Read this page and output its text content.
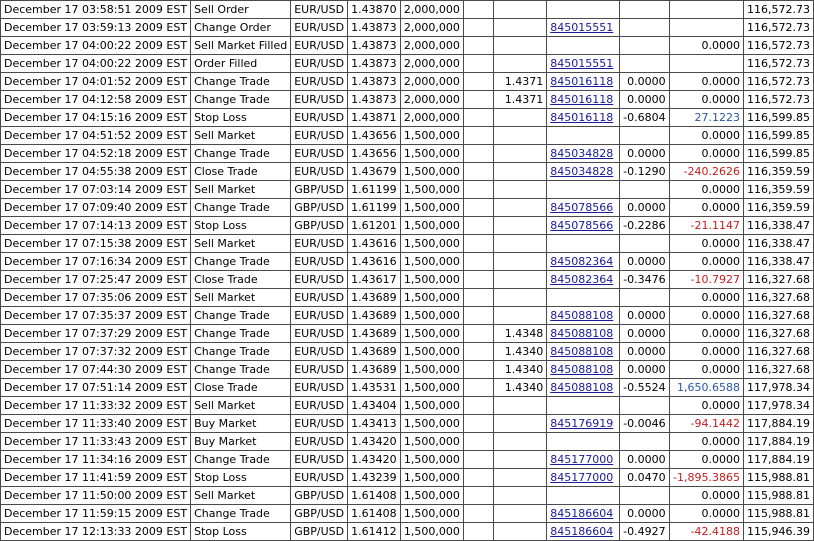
December 17 03:58:51 2009 EST	Sell Order	EUR/USD	1.43870	2,000,000						116,572.73
December 17 03:59:13 2009 EST	Change Order	EUR/USD	1.43873	2,000,000			845015551			116,572.73
December 17 04:00:22 2009 EST	Sell Market Filled	EUR/USD	1.43873	2,000,000					0.0000	116,572.73
December 17 04:00:22 2009 EST	Order Filled	EUR/USD	1.43873	2,000,000			845015551			116,572.73
December 17 04:01:52 2009 EST	Change Trade	EUR/USD	1.43873	2,000,000		1.4371	845016118	0.0000	0.0000	116,572.73
December 17 04:12:58 2009 EST	Change Trade	EUR/USD	1.43873	2,000,000		1.4371	845016118	0.0000	0.0000	116,572.73
December 17 04:15:16 2009 EST	Stop Loss	EUR/USD	1.43871	2,000,000			845016118	-0.6804	27.1223	116,599.85
December 17 04:51:52 2009 EST	Sell Market	EUR/USD	1.43656	1,500,000					0.0000	116,599.85
December 17 04:52:18 2009 EST	Change Trade	EUR/USD	1.43656	1,500,000			845034828	0.0000	0.0000	116,599.85
December 17 04:55:38 2009 EST	Close Trade	EUR/USD	1.43679	1,500,000			845034828	-0.1290	-240.2626	116,359.59
December 17 07:03:14 2009 EST	Sell Market	GBP/USD	1.61199	1,500,000					0.0000	116,359.59
December 17 07:09:40 2009 EST	Change Trade	GBP/USD	1.61199	1,500,000			845078566	0.0000	0.0000	116,359.59
December 17 07:14:13 2009 EST	Stop Loss	GBP/USD	1.61201	1,500,000			845078566	-0.2286	-21.1147	116,338.47
December 17 07:15:38 2009 EST	Sell Market	EUR/USD	1.43616	1,500,000					0.0000	116,338.47
December 17 07:16:34 2009 EST	Change Trade	EUR/USD	1.43616	1,500,000			845082364	0.0000	0.0000	116,338.47
December 17 07:25:47 2009 EST	Close Trade	EUR/USD	1.43617	1,500,000			845082364	-0.3476	-10.7927	116,327.68
December 17 07:35:06 2009 EST	Sell Market	EUR/USD	1.43689	1,500,000					0.0000	116,327.68
December 17 07:35:37 2009 EST	Change Trade	EUR/USD	1.43689	1,500,000			845088108	0.0000	0.0000	116,327.68
December 17 07:37:29 2009 EST	Change Trade	EUR/USD	1.43689	1,500,000		1.4348	845088108	0.0000	0.0000	116,327.68
December 17 07:37:32 2009 EST	Change Trade	EUR/USD	1.43689	1,500,000		1.4340	845088108	0.0000	0.0000	116,327.68
December 17 07:44:30 2009 EST	Change Trade	EUR/USD	1.43689	1,500,000		1.4340	845088108	0.0000	0.0000	116,327.68
December 17 07:51:14 2009 EST	Close Trade	EUR/USD	1.43531	1,500,000		1.4340	845088108	-0.5524	1,650.6588	117,978.34
December 17 11:33:32 2009 EST	Sell Market	EUR/USD	1.43404	1,500,000					0.0000	117,978.34
December 17 11:33:40 2009 EST	Buy Market	EUR/USD	1.43413	1,500,000			845176919	-0.0046	-94.1442	117,884.19
December 17 11:33:43 2009 EST	Buy Market	EUR/USD	1.43420	1,500,000					0.0000	117,884.19
December 17 11:34:16 2009 EST	Change Trade	EUR/USD	1.43420	1,500,000			845177000	0.0000	0.0000	117,884.19
December 17 11:41:59 2009 EST	Stop Loss	EUR/USD	1.43239	1,500,000			845177000	0.0470	-1,895.3865	115,988.81
December 17 11:50:00 2009 EST	Sell Market	GBP/USD	1.61408	1,500,000					0.0000	115,988.81
December 17 11:59:15 2009 EST	Change Trade	GBP/USD	1.61408	1,500,000			845186604	0.0000	0.0000	115,988.81
December 17 12:13:33 2009 EST	Stop Loss	GBP/USD	1.61412	1,500,000			845186604	-0.4927	-42.4188	115,946.39
